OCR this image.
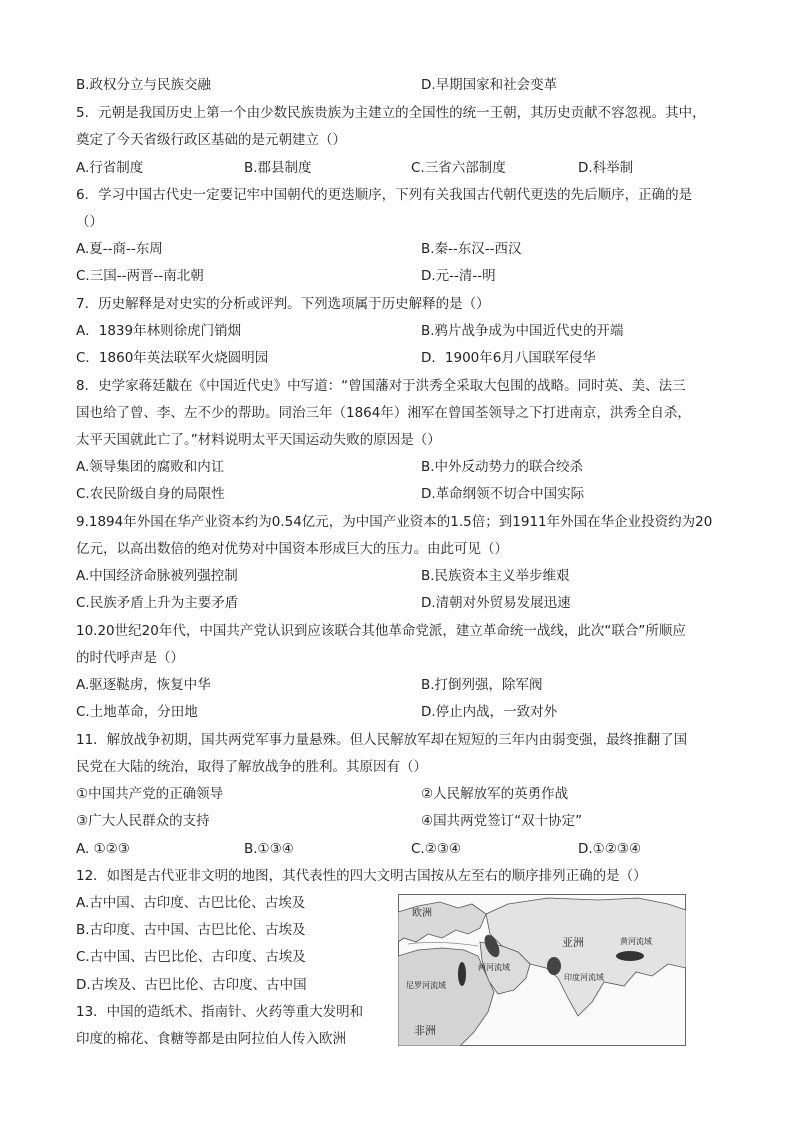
B.政权分立与民族交融	D.早期国家和社会变革
5．元朝是我国历史上第一个由少数民族贵族为主建立的全国性的统一王朝，其历史贡献不容忽视。其中，
奠定了今天省级行政区基础的是元朝建立（）
A.行省制度	B.郡县制度	C.三省六部制度	D.科举制
6．学习中国古代史一定要记牢中国朝代的更迭顺序，下列有关我国古代朝代更迭的先后顺序，正确的是
（）
A.夏--商--东周	B.秦--东汉--西汉
C.三国--两晋--南北朝	D.元--清--明
7．历史解释是对史实的分析或评判。下列选项属于历史解释的是（）
A．1839年林则徐虎门销烟	B.鸦片战争成为中国近代史的开端
C．1860年英法联军火烧圆明园	D．1900年6月八国联军侵华
8．史学家蒋廷黻在《中国近代史》中写道：“曾国藩对于洪秀全采取大包围的战略。同时英、美、法三
国也给了曾、李、左不少的帮助。同治三年（1864年）湘军在曾国荃领导之下打进南京，洪秀全自杀，
太平天国就此亡了。”材料说明太平天国运动失败的原因是（）
A.领导集团的腐败和内讧	B.中外反动势力的联合绞杀
C.农民阶级自身的局限性	D.革命纲领不切合中国实际
9.1894年外国在华产业资本约为0.54亿元，为中国产业资本的1.5倍；到1911年外国在华企业投资约为20
亿元，以高出数倍的绝对优势对中国资本形成巨大的压力。由此可见（）
A.中国经济命脉被列强控制	B.民族资本主义举步维艰
C.民族矛盾上升为主要矛盾	D.清朝对外贸易发展迅速
10.20世纪20年代，中国共产党认识到应该联合其他革命党派，建立革命统一战线，此次“联合”所顺应
的时代呼声是（）
A.驱逐鞑虏，恢复中华	B.打倒列强，除军阀
C.土地革命，分田地	D.停止内战，一致对外
11．解放战争初期，国共两党军事力量悬殊。但人民解放军却在短短的三年内由弱变强，最终推翻了国
民党在大陆的统治，取得了解放战争的胜利。其原因有（）
①中国共产党的正确领导	②人民解放军的英勇作战
③广大人民群众的支持	④国共两党签订“双十协定”
A. ①②③	B.①③④	C.②③④	D.①②③④
12．如图是古代亚非文明的地图，其代表性的四大文明古国按从左至右的顺序排列正确的是（）
A.古中国、古印度、古巴比伦、古埃及
B.古印度、古中国、古巴比伦、古埃及
C.古中国、古巴比伦、古印度、古埃及
D.古埃及、古巴比伦、古印度、古中国
13．中国的造纸术、指南针、火药等重大发明和
印度的棉花、食糖等都是由阿拉伯人传入欧洲
欧洲
亚洲
非洲
尼罗河流域
两河流域
印度河流域
黄河流域
